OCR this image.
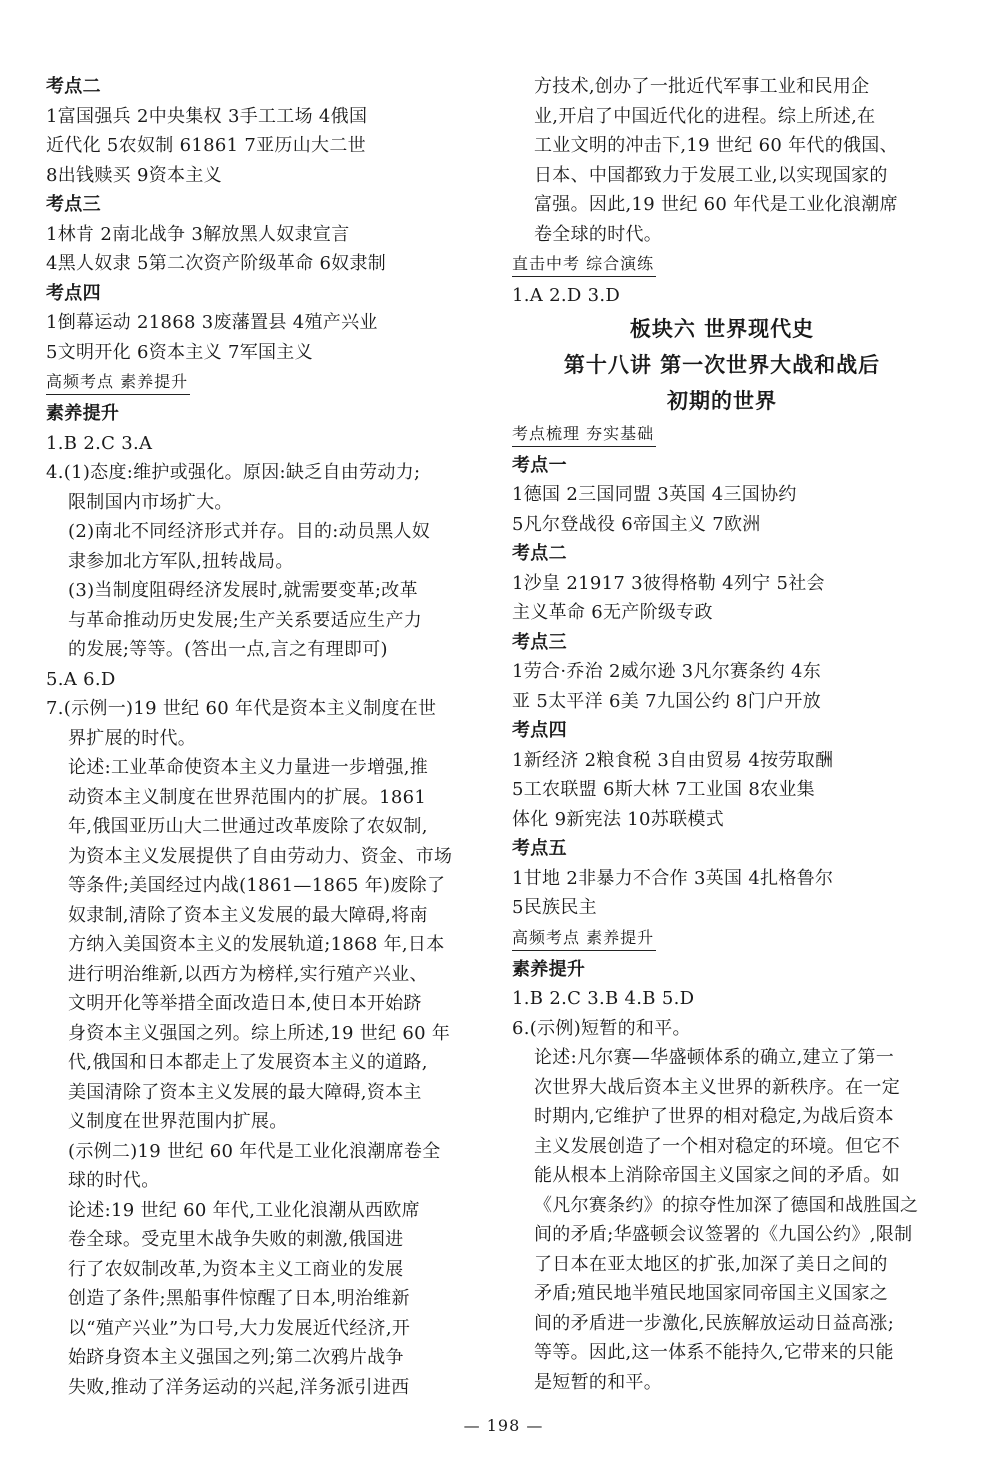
考点二
1富国强兵 2中央集权 3手工工场 4俄国
近代化 5农奴制 61861 7亚历山大二世
8出钱赎买 9资本主义
考点三
1林肯 2南北战争 3解放黑人奴隶宣言
4黑人奴隶 5第二次资产阶级革命 6奴隶制
考点四
1倒幕运动 21868 3废藩置县 4殖产兴业
5文明开化 6资本主义 7军国主义
高频考点 素养提升
素养提升
1.B 2.C 3.A
4.(1)态度:维护或强化。原因:缺乏自由劳动力;
限制国内市场扩大。
(2)南北不同经济形式并存。目的:动员黑人奴
隶参加北方军队,扭转战局。
(3)当制度阻碍经济发展时,就需要变革;改革
与革命推动历史发展;生产关系要适应生产力
的发展;等等。(答出一点,言之有理即可)
5.A 6.D
7.(示例一)19 世纪 60 年代是资本主义制度在世
界扩展的时代。
论述:工业革命使资本主义力量进一步增强,推
动资本主义制度在世界范围内的扩展。1861
年,俄国亚历山大二世通过改革废除了农奴制,
为资本主义发展提供了自由劳动力、资金、市场
等条件;美国经过内战(1861—1865 年)废除了
奴隶制,清除了资本主义发展的最大障碍,将南
方纳入美国资本主义的发展轨道;1868 年,日本
进行明治维新,以西方为榜样,实行殖产兴业、
文明开化等举措全面改造日本,使日本开始跻
身资本主义强国之列。综上所述,19 世纪 60 年
代,俄国和日本都走上了发展资本主义的道路,
美国清除了资本主义发展的最大障碍,资本主
义制度在世界范围内扩展。
(示例二)19 世纪 60 年代是工业化浪潮席卷全
球的时代。
论述:19 世纪 60 年代,工业化浪潮从西欧席
卷全球。受克里木战争失败的刺激,俄国进
行了农奴制改革,为资本主义工商业的发展
创造了条件;黑船事件惊醒了日本,明治维新
以“殖产兴业”为口号,大力发展近代经济,开
始跻身资本主义强国之列;第二次鸦片战争
失败,推动了洋务运动的兴起,洋务派引进西
方技术,创办了一批近代军事工业和民用企
业,开启了中国近代化的进程。综上所述,在
工业文明的冲击下,19 世纪 60 年代的俄国、
日本、中国都致力于发展工业,以实现国家的
富强。因此,19 世纪 60 年代是工业化浪潮席
卷全球的时代。
直击中考 综合演练
1.A 2.D 3.D
板块六 世界现代史
第十八讲 第一次世界大战和战后
初期的世界
考点梳理 夯实基础
考点一
1德国 2三国同盟 3英国 4三国协约
5凡尔登战役 6帝国主义 7欧洲
考点二
1沙皇 21917 3彼得格勒 4列宁 5社会
主义革命 6无产阶级专政
考点三
1劳合·乔治 2威尔逊 3凡尔赛条约 4东
亚 5太平洋 6美 7九国公约 8门户开放
考点四
1新经济 2粮食税 3自由贸易 4按劳取酬
5工农联盟 6斯大林 7工业国 8农业集
体化 9新宪法 10苏联模式
考点五
1甘地 2非暴力不合作 3英国 4扎格鲁尔
5民族民主
高频考点 素养提升
素养提升
1.B 2.C 3.B 4.B 5.D
6.(示例)短暂的和平。
论述:凡尔赛—华盛顿体系的确立,建立了第一
次世界大战后资本主义世界的新秩序。在一定
时期内,它维护了世界的相对稳定,为战后资本
主义发展创造了一个相对稳定的环境。但它不
能从根本上消除帝国主义国家之间的矛盾。如
《凡尔赛条约》的掠夺性加深了德国和战胜国之
间的矛盾;华盛顿会议签署的《九国公约》,限制
了日本在亚太地区的扩张,加深了美日之间的
矛盾;殖民地半殖民地国家同帝国主义国家之
间的矛盾进一步激化,民族解放运动日益高涨;
等等。因此,这一体系不能持久,它带来的只能
是短暂的和平。
— 198 —
